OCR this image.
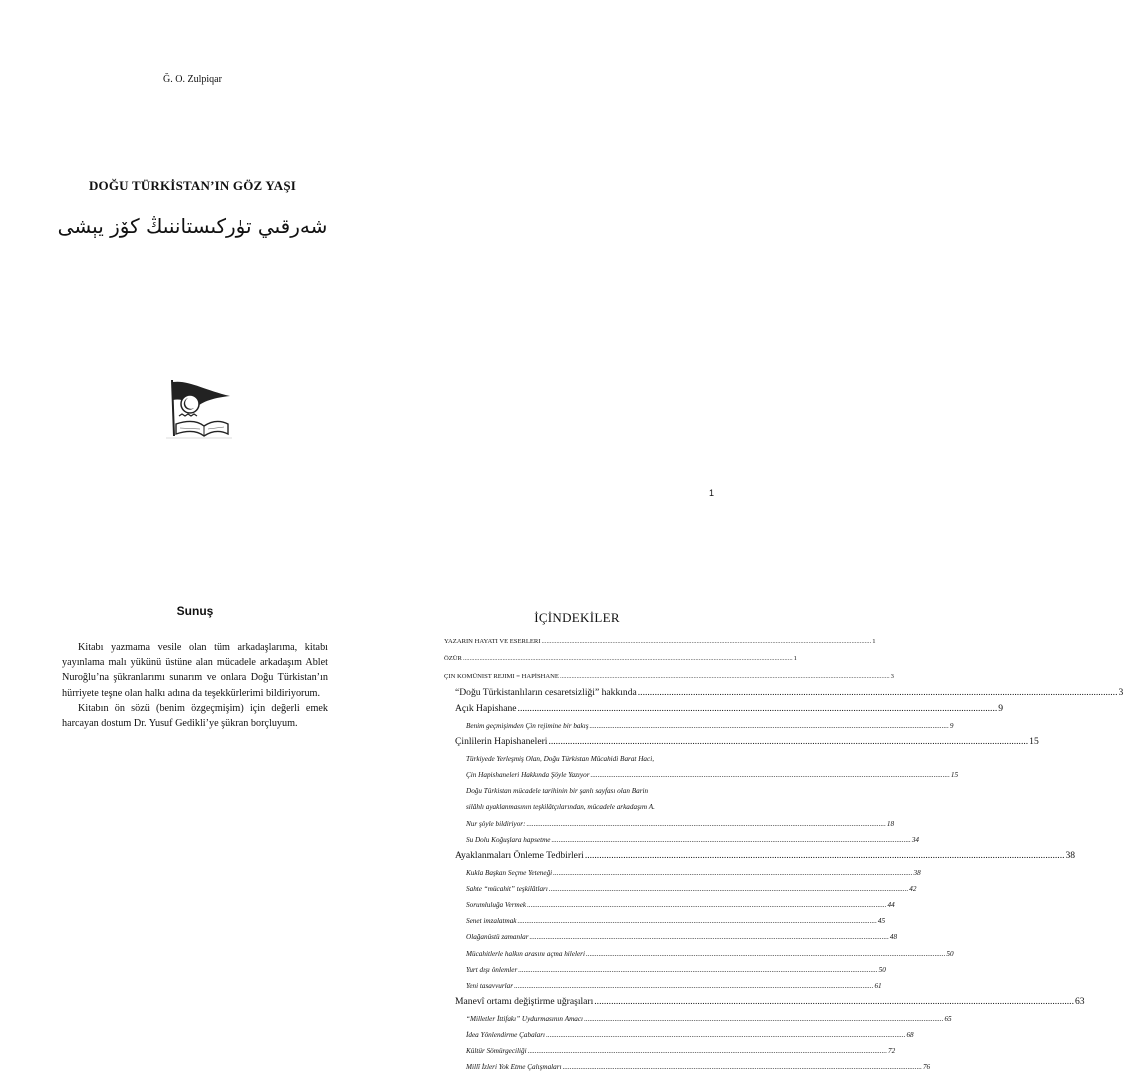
Ğ. O. Zulpiqar
DOĞU TÜRKİSTAN’IN GÖZ YAŞI
شەرقىي تۈركىستاننىڭ كۆز يېشى
1
Sunuş

Kitabı yazmama vesile olan tüm arkadaşlarıma, kitabı yayınlama malı yükünü üstüne alan mücadele arkadaşım Ablet Nuroğlu’na şükranlarımı sunarım ve onlara Doğu Türkistan’ın hürriyete teşne olan halkı adına da teşekkürlerimi bildiriyorum.

Kitabın ön sözü (benim özgeçmişim) için değerli emek harcayan dostum Dr. Yusuf Gedikli’ye şükran borçluyum.

İÇİNDEKİLER
YAZARIN HAYATI VE ESERLERI .....	1
ÖZÜR .....	1
ÇIN KOMÜNIST REJIMI = HAPİSHANE .....	3
“Doğu Türkistanlıların cesaretsizliği” hakkında .....	3
Açık Hapishane .....	9
Benim geçmişimden Çin rejimine bir bakış .....	9
Çinlilerin Hapishaneleri .....	15
Türkiyede Yerleşmiş Olan, Doğu Türkistan Mücahidi Barat Haci,
Çin Hapishaneleri Hakkında Şöyle Yazıyor .....	15
Doğu Türkistan mücadele tarihinin bir şanlı sayfası olan Barin
silâhlı ayaklanmasının teşkilâtçılarından, mücadele arkadaşım A.
Nur şöyle bildiriyor: .....	18
Su Dolu Koğuşlara hapsetme .....	34
Ayaklanmaları Önleme Tedbirleri .....	38
Kukla Başkan Seçme Yeteneği .....	38
Sahte “mücahit” teşkilâtları .....	42
Sorumluluğa Vermek .....	44
Senet imzalatmak .....	45
Olağanüstü zamanlar .....	48
Mücahitlerle halkın arasını açma hileleri .....	50
Yurt dışı önlemler .....	50
Yeni tasavvurlar .....	61
Manevî ortamı değiştirme uğraşıları .....	63
“Milletler İttifakı” Uydurmasının Amacı .....	65
İdea Yönlendirme Çabaları .....	68
Kültür Sömürgeciliği .....	72
Millî İzleri Yok Etme Çalışmaları .....	76
